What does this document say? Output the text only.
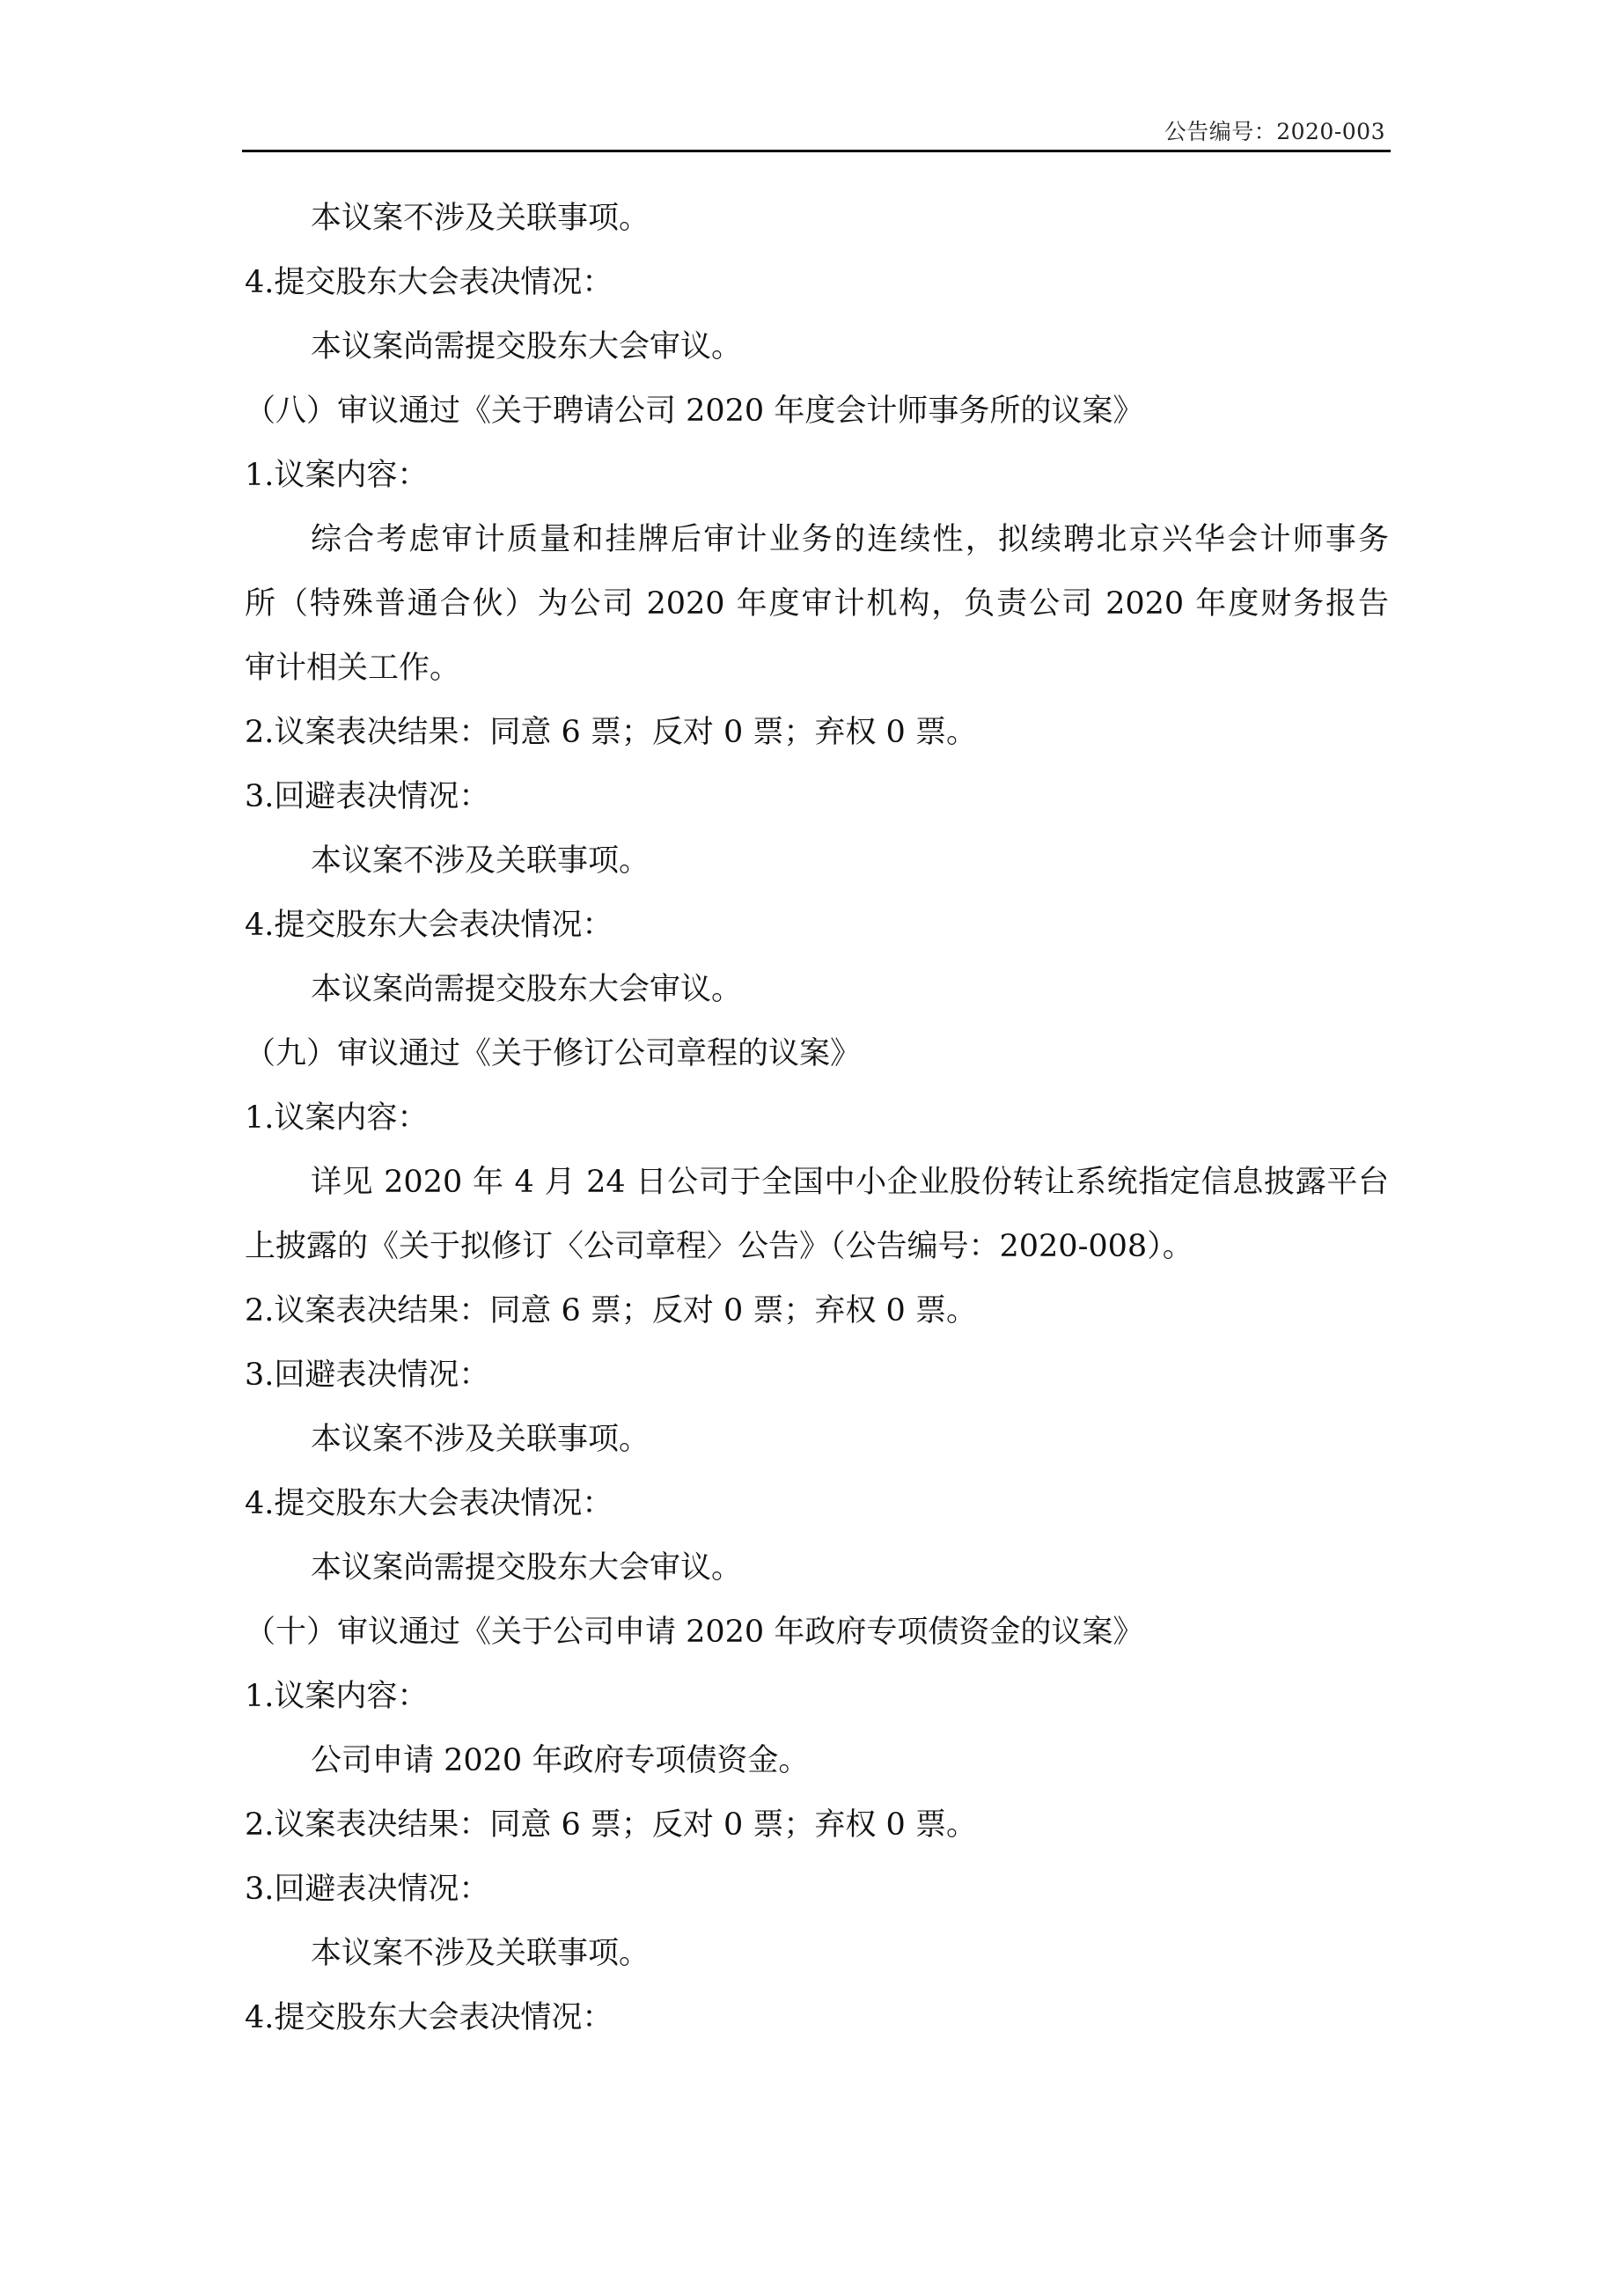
公告编号：2020-003
本议案不涉及关联事项。
4.提交股东大会表决情况：
本议案尚需提交股东大会审议。
（八）审议通过《关于聘请公司 2020 年度会计师事务所的议案》
1.议案内容：
综合考虑审计质量和挂牌后审计业务的连续性，拟续聘北京兴华会计师事务
所（特殊普通合伙）为公司 2020 年度审计机构，负责公司 2020 年度财务报告
审计相关工作。
2.议案表决结果：同意 6 票；反对 0 票；弃权 0 票。
3.回避表决情况：
本议案不涉及关联事项。
4.提交股东大会表决情况：
本议案尚需提交股东大会审议。
（九）审议通过《关于修订公司章程的议案》
1.议案内容：
详见 2020 年 4 月 24 日公司于全国中小企业股份转让系统指定信息披露平台
上披露的《关于拟修订〈公司章程〉公告》（公告编号：2020-008）。
2.议案表决结果：同意 6 票；反对 0 票；弃权 0 票。
3.回避表决情况：
本议案不涉及关联事项。
4.提交股东大会表决情况：
本议案尚需提交股东大会审议。
（十）审议通过《关于公司申请 2020 年政府专项债资金的议案》
1.议案内容：
公司申请 2020 年政府专项债资金。
2.议案表决结果：同意 6 票；反对 0 票；弃权 0 票。
3.回避表决情况：
本议案不涉及关联事项。
4.提交股东大会表决情况：
